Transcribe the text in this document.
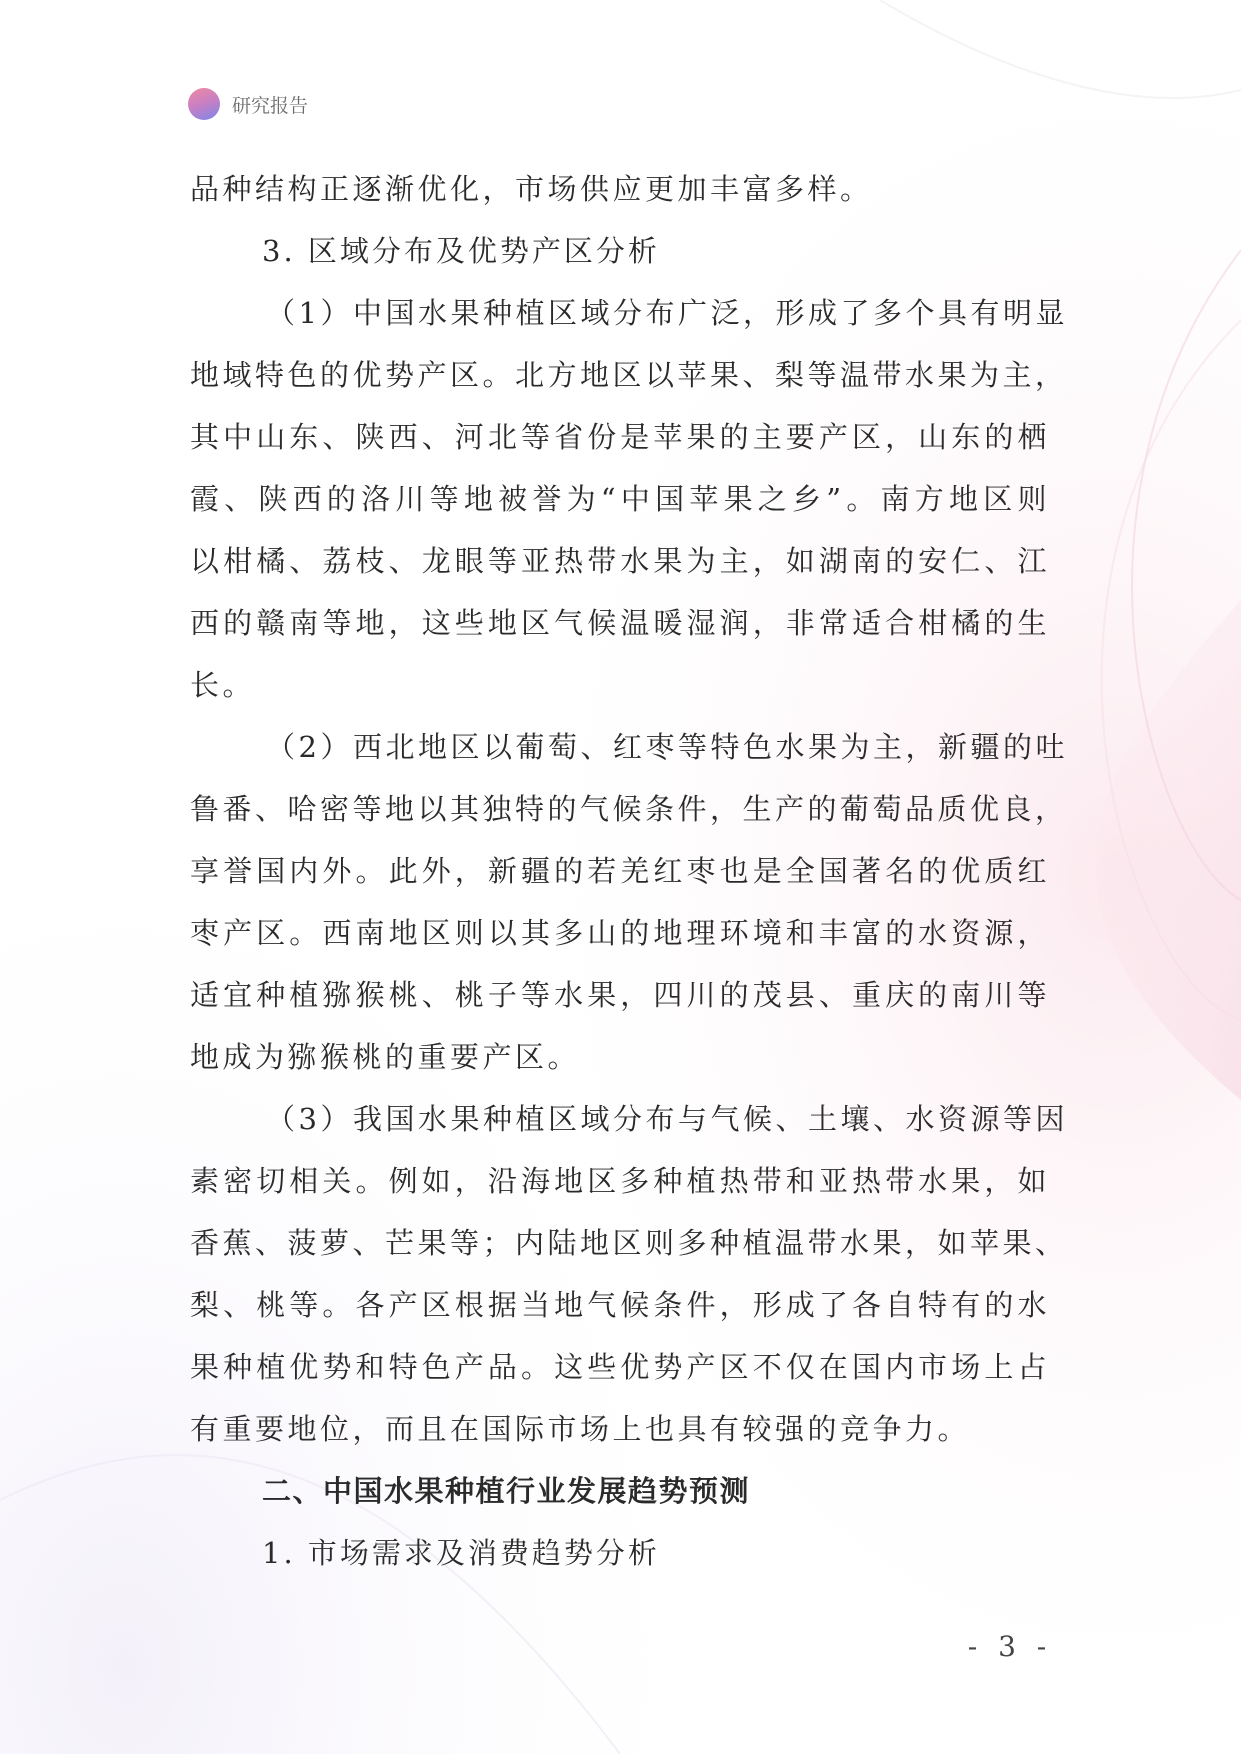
研究报告
品种结构正逐渐优化，市场供应更加丰富多样。
3. 区域分布及优势产区分析
（1）中国水果种植区域分布广泛，形成了多个具有明显
地域特色的优势产区。北方地区以苹果、梨等温带水果为主，
其中山东、陕西、河北等省份是苹果的主要产区，山东的栖
霞、陕西的洛川等地被誉为“中国苹果之乡”。南方地区则
以柑橘、荔枝、龙眼等亚热带水果为主，如湖南的安仁、江
西的赣南等地，这些地区气候温暖湿润，非常适合柑橘的生
长。
（2）西北地区以葡萄、红枣等特色水果为主，新疆的吐
鲁番、哈密等地以其独特的气候条件，生产的葡萄品质优良，
享誉国内外。此外，新疆的若羌红枣也是全国著名的优质红
枣产区。西南地区则以其多山的地理环境和丰富的水资源，
适宜种植猕猴桃、桃子等水果，四川的茂县、重庆的南川等
地成为猕猴桃的重要产区。
（3）我国水果种植区域分布与气候、土壤、水资源等因
素密切相关。例如，沿海地区多种植热带和亚热带水果，如
香蕉、菠萝、芒果等；内陆地区则多种植温带水果，如苹果、
梨、桃等。各产区根据当地气候条件，形成了各自特有的水
果种植优势和特色产品。这些优势产区不仅在国内市场上占
有重要地位，而且在国际市场上也具有较强的竞争力。
二、中国水果种植行业发展趋势预测
1. 市场需求及消费趋势分析
- 3 -
